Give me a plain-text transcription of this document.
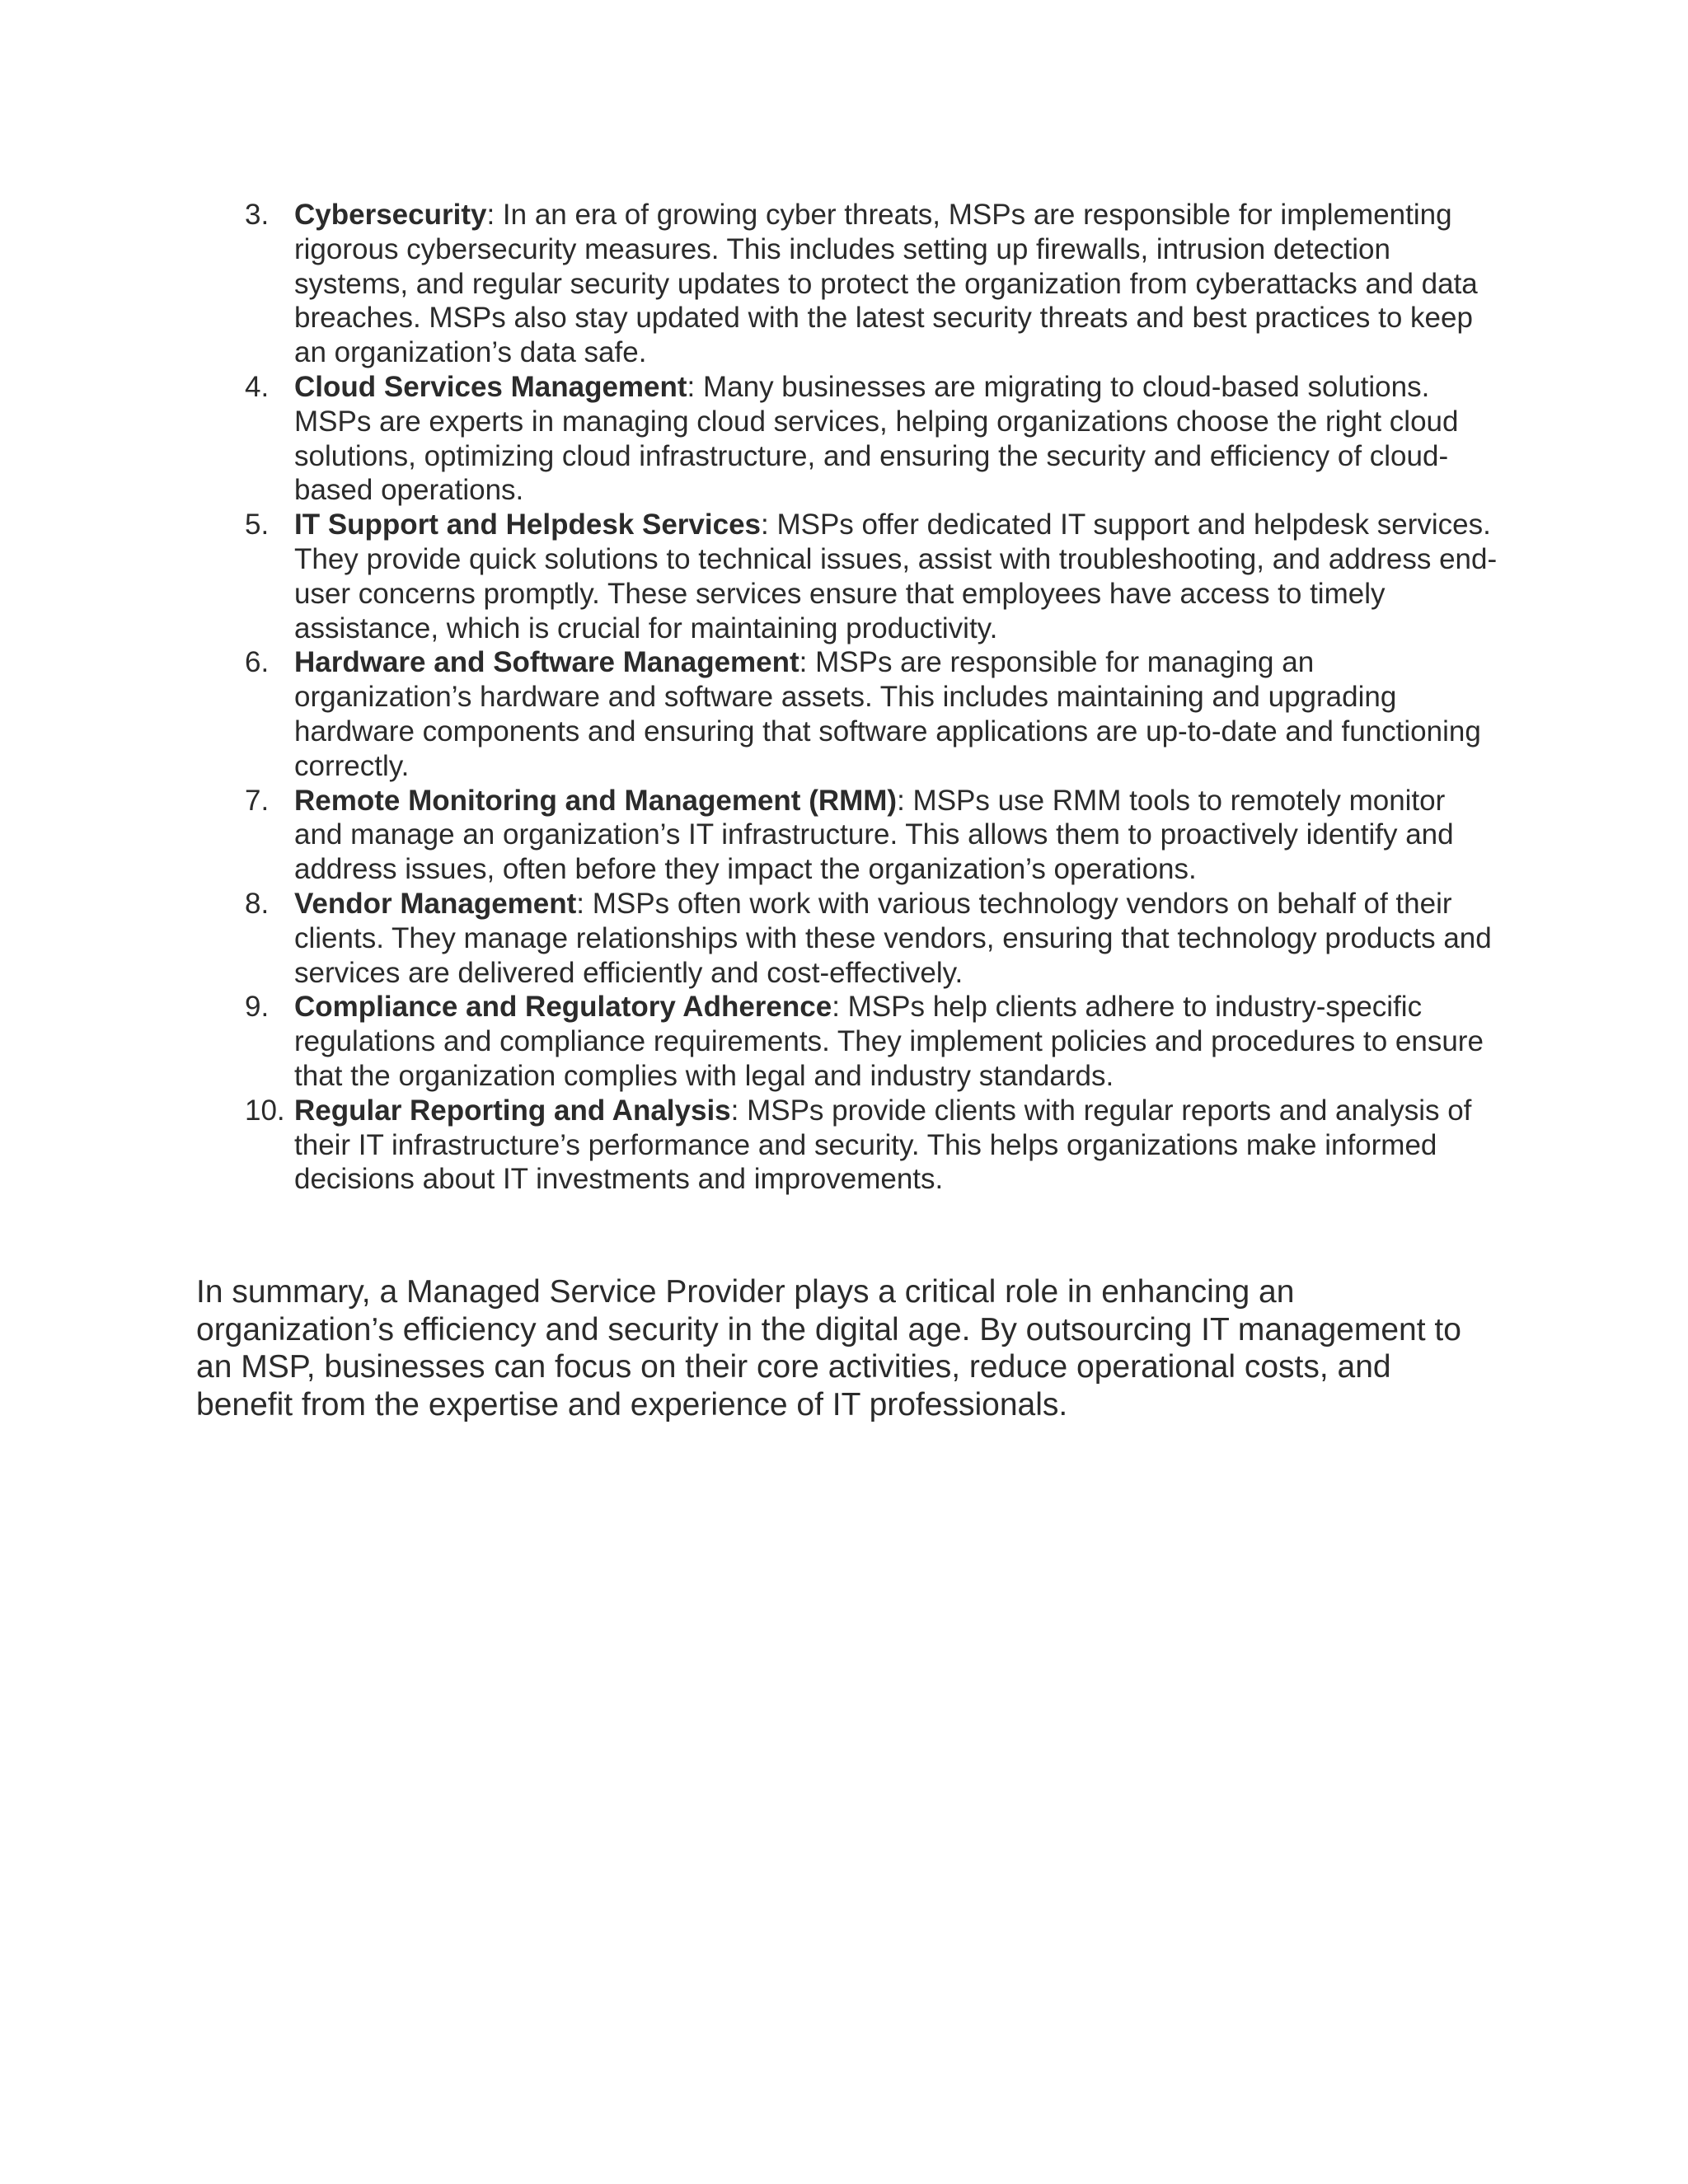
3. Cybersecurity: In an era of growing cyber threats, MSPs are responsible for implementing rigorous cybersecurity measures. This includes setting up firewalls, intrusion detection systems, and regular security updates to protect the organization from cyberattacks and data breaches. MSPs also stay updated with the latest security threats and best practices to keep an organization’s data safe.
4. Cloud Services Management: Many businesses are migrating to cloud-based solutions. MSPs are experts in managing cloud services, helping organizations choose the right cloud solutions, optimizing cloud infrastructure, and ensuring the security and efficiency of cloud-based operations.
5. IT Support and Helpdesk Services: MSPs offer dedicated IT support and helpdesk services. They provide quick solutions to technical issues, assist with troubleshooting, and address end-user concerns promptly. These services ensure that employees have access to timely assistance, which is crucial for maintaining productivity.
6. Hardware and Software Management: MSPs are responsible for managing an organization’s hardware and software assets. This includes maintaining and upgrading hardware components and ensuring that software applications are up-to-date and functioning correctly.
7. Remote Monitoring and Management (RMM): MSPs use RMM tools to remotely monitor and manage an organization’s IT infrastructure. This allows them to proactively identify and address issues, often before they impact the organization’s operations.
8. Vendor Management: MSPs often work with various technology vendors on behalf of their clients. They manage relationships with these vendors, ensuring that technology products and services are delivered efficiently and cost-effectively.
9. Compliance and Regulatory Adherence: MSPs help clients adhere to industry-specific regulations and compliance requirements. They implement policies and procedures to ensure that the organization complies with legal and industry standards.
10. Regular Reporting and Analysis: MSPs provide clients with regular reports and analysis of their IT infrastructure’s performance and security. This helps organizations make informed decisions about IT investments and improvements.

In summary, a Managed Service Provider plays a critical role in enhancing an organization’s efficiency and security in the digital age. By outsourcing IT management to an MSP, businesses can focus on their core activities, reduce operational costs, and benefit from the expertise and experience of IT professionals.
